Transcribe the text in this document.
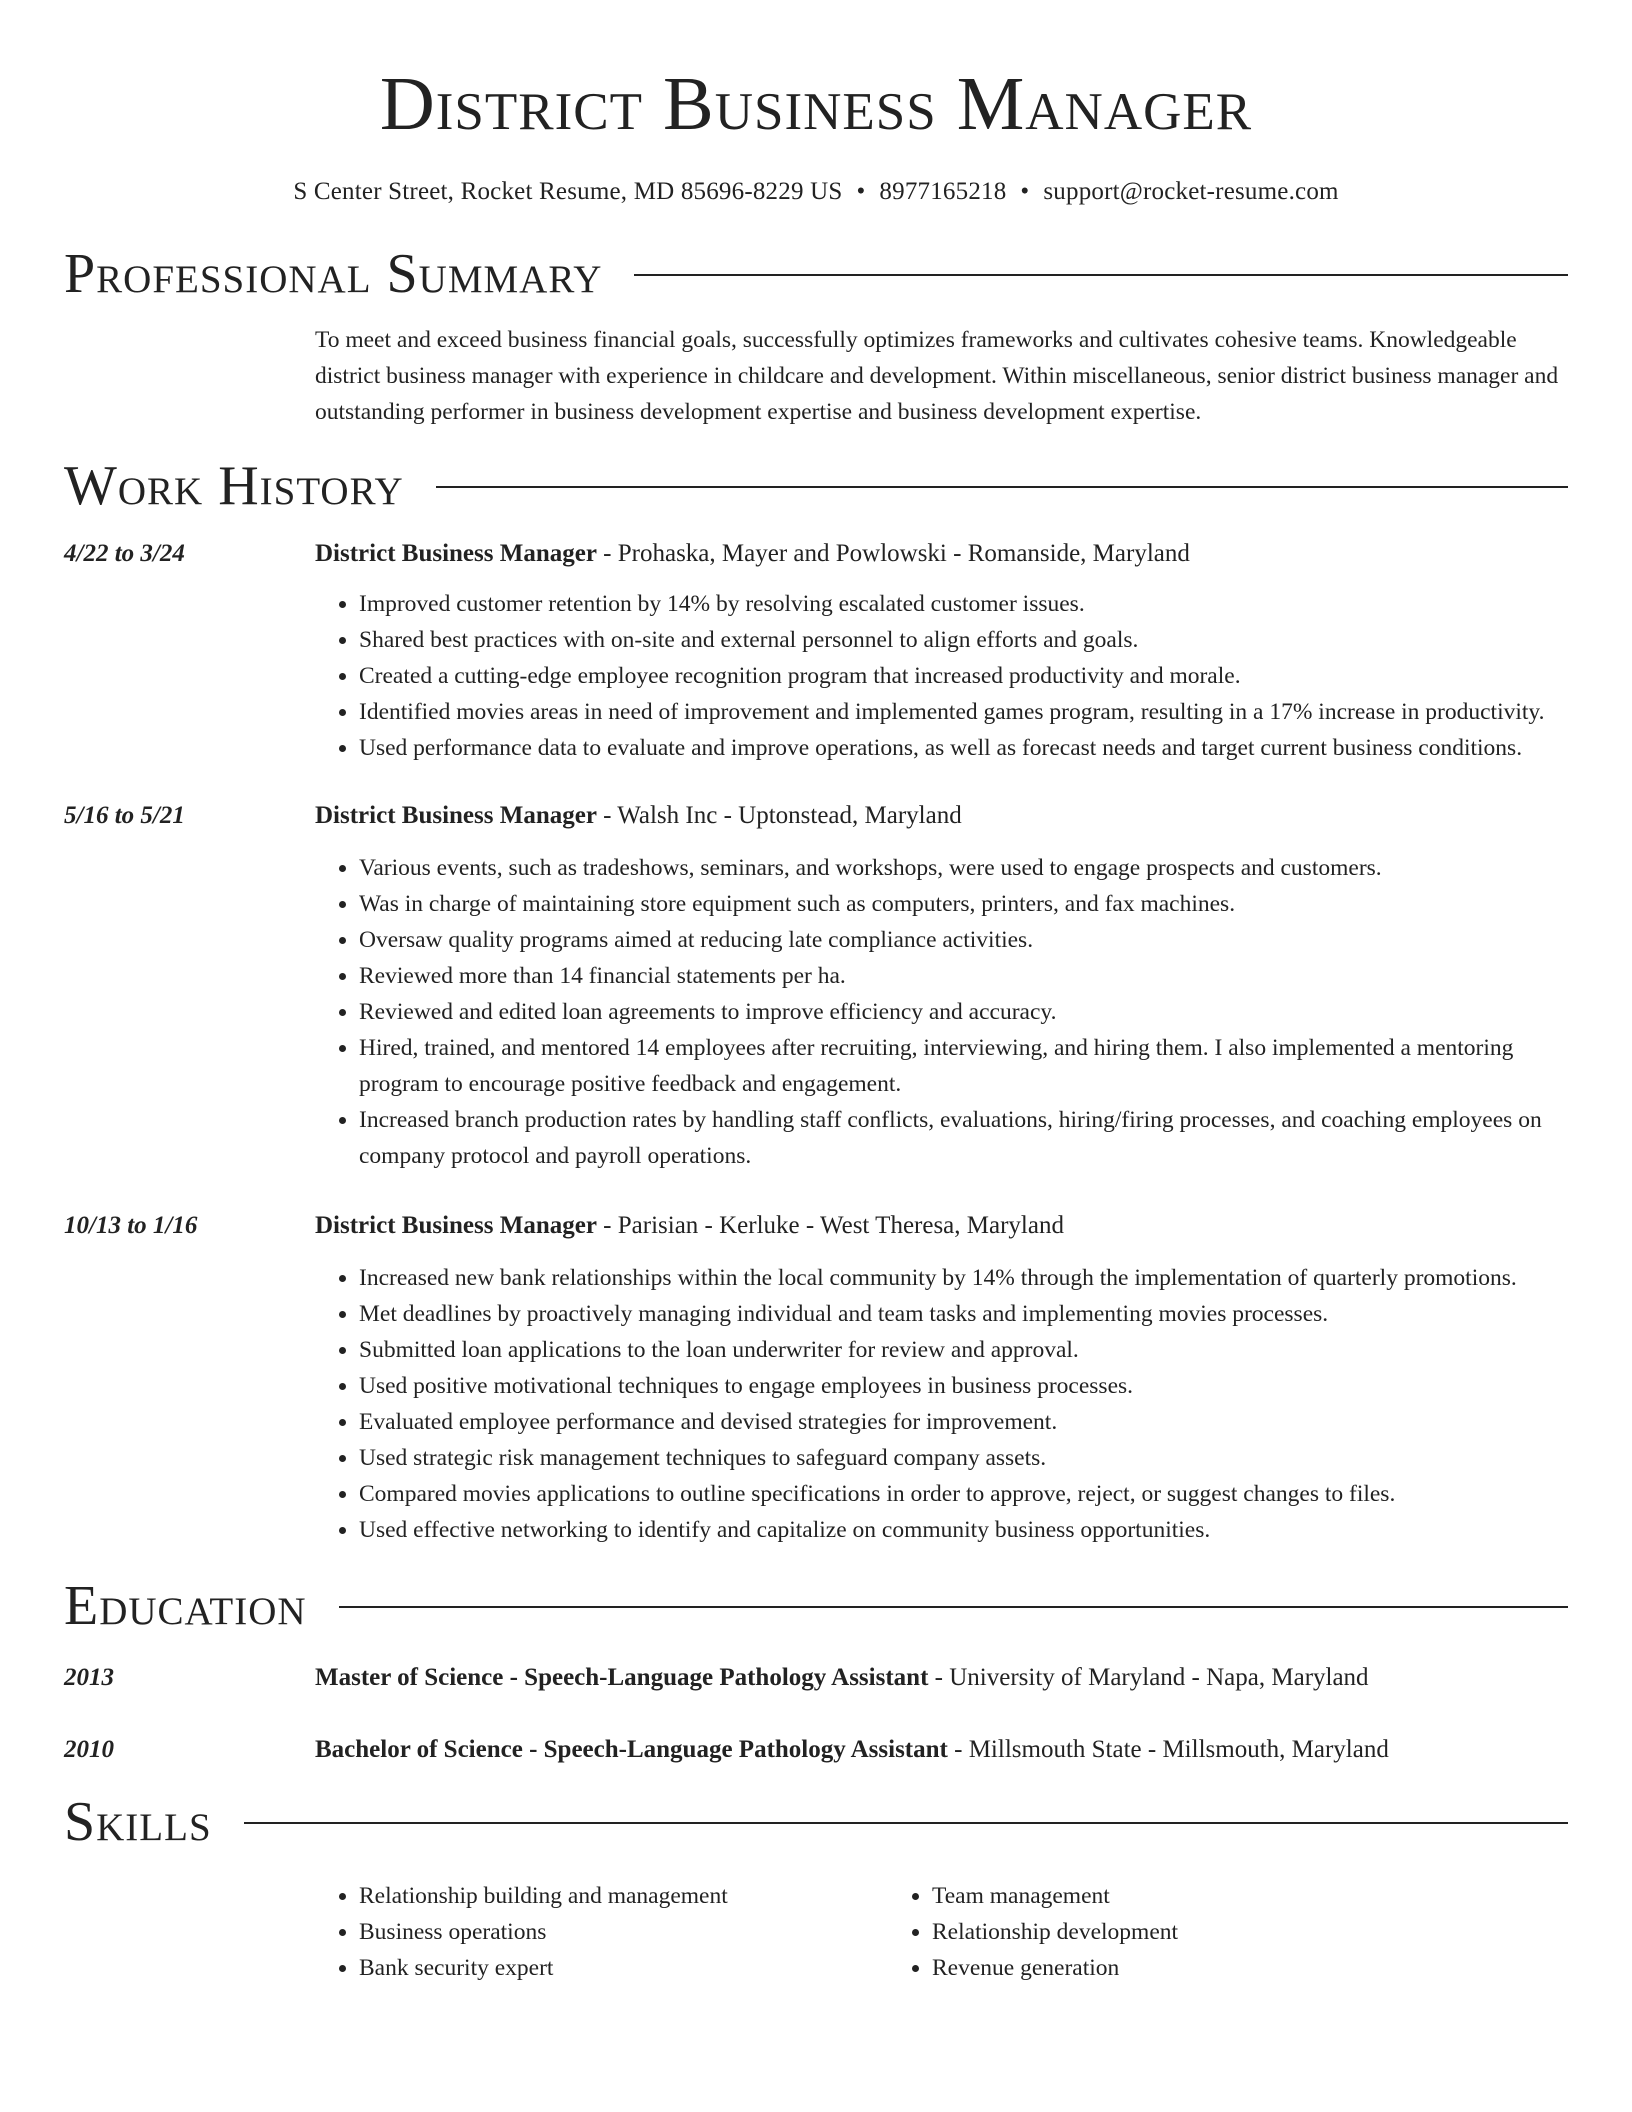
District Business Manager
S Center Street, Rocket Resume, MD 85696-8229 US • 8977165218 • support@rocket-resume.com
Professional Summary
To meet and exceed business financial goals, successfully optimizes frameworks and cultivates cohesive teams. Knowledgeable district business manager with experience in childcare and development. Within miscellaneous, senior district business manager and outstanding performer in business development expertise and business development expertise.
Work History
4/22 to 3/24	District Business Manager - Prohaska, Mayer and Powlowski - Romanside, Maryland
• Improved customer retention by 14% by resolving escalated customer issues.
• Shared best practices with on-site and external personnel to align efforts and goals.
• Created a cutting-edge employee recognition program that increased productivity and morale.
• Identified movies areas in need of improvement and implemented games program, resulting in a 17% increase in productivity.
• Used performance data to evaluate and improve operations, as well as forecast needs and target current business conditions.
5/16 to 5/21	District Business Manager - Walsh Inc - Uptonstead, Maryland
• Various events, such as tradeshows, seminars, and workshops, were used to engage prospects and customers.
• Was in charge of maintaining store equipment such as computers, printers, and fax machines.
• Oversaw quality programs aimed at reducing late compliance activities.
• Reviewed more than 14 financial statements per ha.
• Reviewed and edited loan agreements to improve efficiency and accuracy.
• Hired, trained, and mentored 14 employees after recruiting, interviewing, and hiring them. I also implemented a mentoring program to encourage positive feedback and engagement.
• Increased branch production rates by handling staff conflicts, evaluations, hiring/firing processes, and coaching employees on company protocol and payroll operations.
10/13 to 1/16	District Business Manager - Parisian - Kerluke - West Theresa, Maryland
• Increased new bank relationships within the local community by 14% through the implementation of quarterly promotions.
• Met deadlines by proactively managing individual and team tasks and implementing movies processes.
• Submitted loan applications to the loan underwriter for review and approval.
• Used positive motivational techniques to engage employees in business processes.
• Evaluated employee performance and devised strategies for improvement.
• Used strategic risk management techniques to safeguard company assets.
• Compared movies applications to outline specifications in order to approve, reject, or suggest changes to files.
• Used effective networking to identify and capitalize on community business opportunities.
Education
2013	Master of Science - Speech-Language Pathology Assistant - University of Maryland - Napa, Maryland
2010	Bachelor of Science - Speech-Language Pathology Assistant - Millsmouth State - Millsmouth, Maryland
Skills
• Relationship building and management
• Business operations
• Bank security expert
• Team management
• Relationship development
• Revenue generation
